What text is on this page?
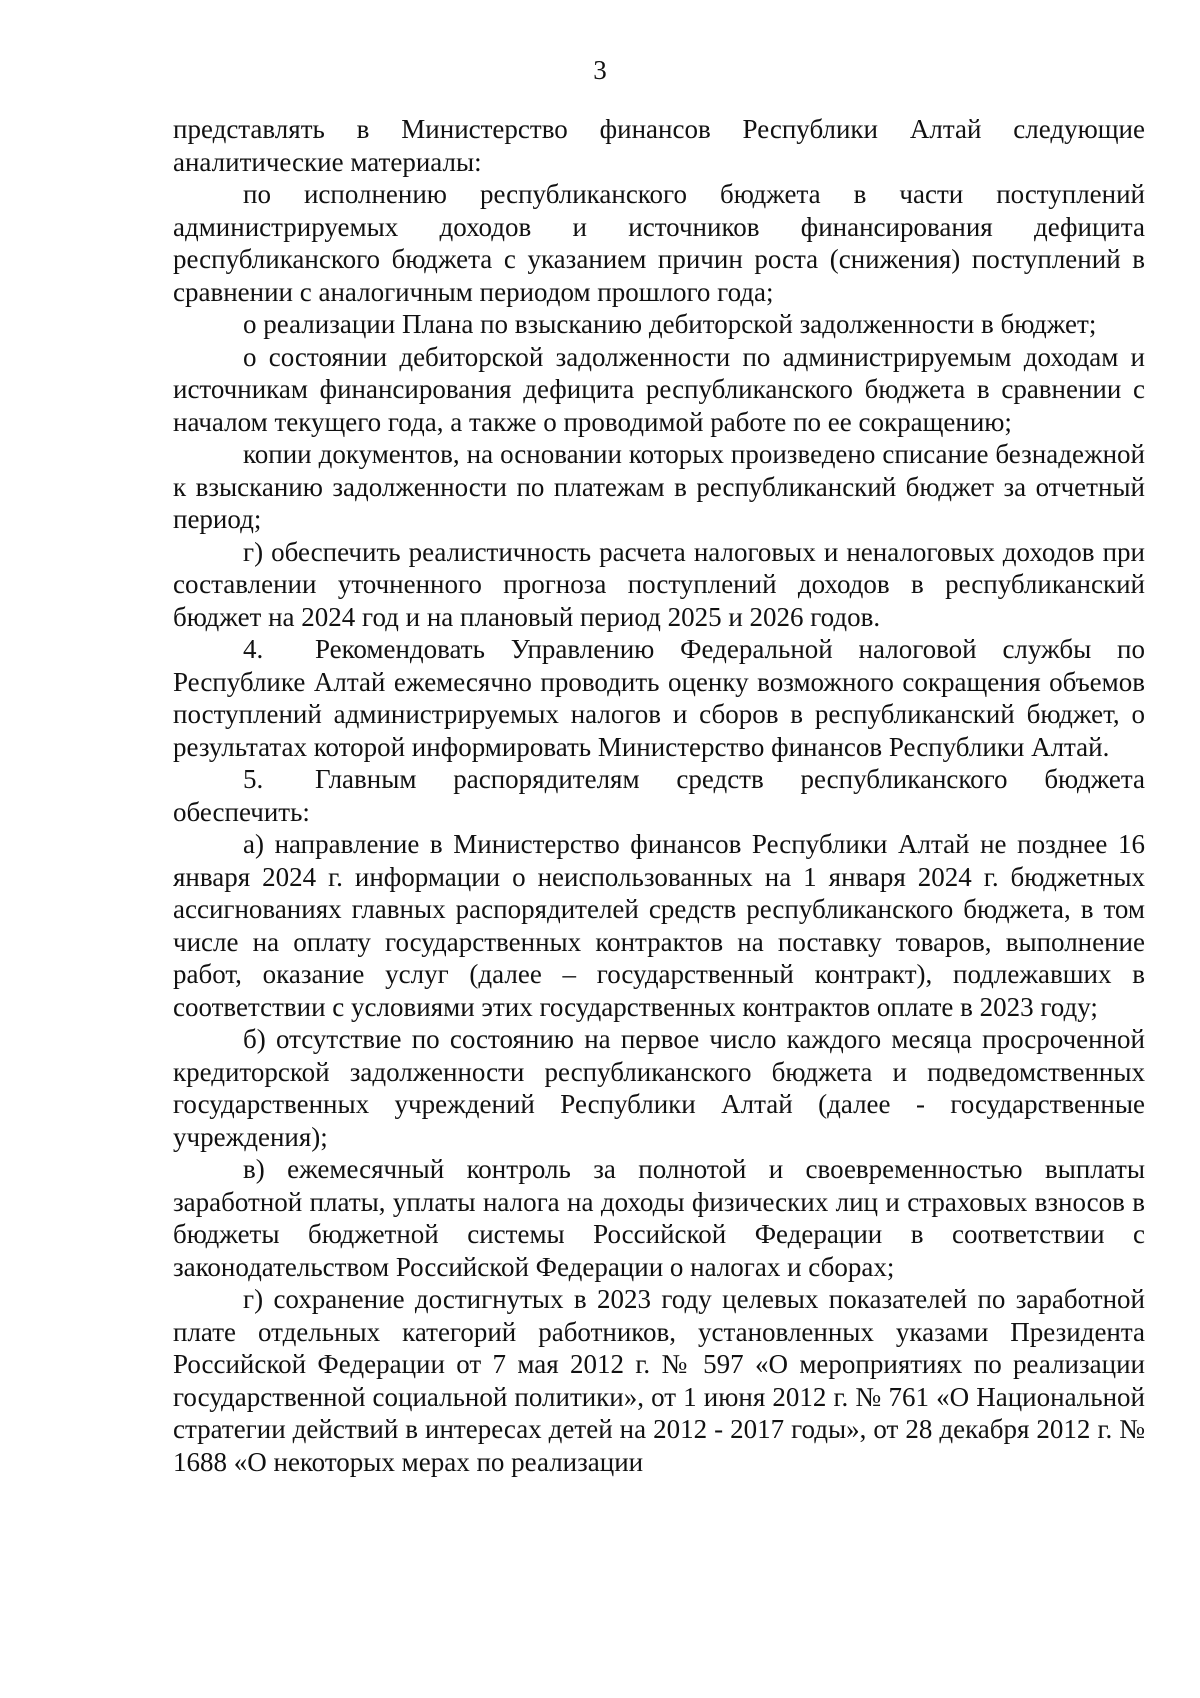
3

представлять в Министерство финансов Республики Алтай следующие аналитические материалы:

по исполнению республиканского бюджета в части поступлений администрируемых доходов и источников финансирования дефицита республиканского бюджета с указанием причин роста (снижения) поступлений в сравнении с аналогичным периодом прошлого года;

о реализации Плана по взысканию дебиторской задолженности в бюджет;

о состоянии дебиторской задолженности по администрируемым доходам и источникам финансирования дефицита республиканского бюджета в сравнении с началом текущего года, а также о проводимой работе по ее сокращению;

копии документов, на основании которых произведено списание безнадежной к взысканию задолженности по платежам в республиканский бюджет за отчетный период;

г) обеспечить реалистичность расчета налоговых и неналоговых доходов при составлении уточненного прогноза поступлений доходов в республиканский бюджет на 2024 год и на плановый период 2025 и 2026 годов.

4. Рекомендовать Управлению Федеральной налоговой службы по Республике Алтай ежемесячно проводить оценку возможного сокращения объемов поступлений администрируемых налогов и сборов в республиканский бюджет, о результатах которой информировать Министерство финансов Республики Алтай.

5. Главным распорядителям средств республиканского бюджета обеспечить:

а) направление в Министерство финансов Республики Алтай не позднее 16 января 2024 г. информации о неиспользованных на 1 января 2024 г. бюджетных ассигнованиях главных распорядителей средств республиканского бюджета, в том числе на оплату государственных контрактов на поставку товаров, выполнение работ, оказание услуг (далее – государственный контракт), подлежавших в соответствии с условиями этих государственных контрактов оплате в 2023 году;

б) отсутствие по состоянию на первое число каждого месяца просроченной кредиторской задолженности республиканского бюджета и подведомственных государственных учреждений Республики Алтай (далее - государственные учреждения);

в) ежемесячный контроль за полнотой и своевременностью выплаты заработной платы, уплаты налога на доходы физических лиц и страховых взносов в бюджеты бюджетной системы Российской Федерации в соответствии с законодательством Российской Федерации о налогах и сборах;

г) сохранение достигнутых в 2023 году целевых показателей по заработной плате отдельных категорий работников, установленных указами Президента Российской Федерации от 7 мая 2012 г. № 597 «О мероприятиях по реализации государственной социальной политики», от 1 июня 2012 г. № 761 «О Национальной стратегии действий в интересах детей на 2012 - 2017 годы», от 28 декабря 2012 г. № 1688 «О некоторых мерах по реализации
